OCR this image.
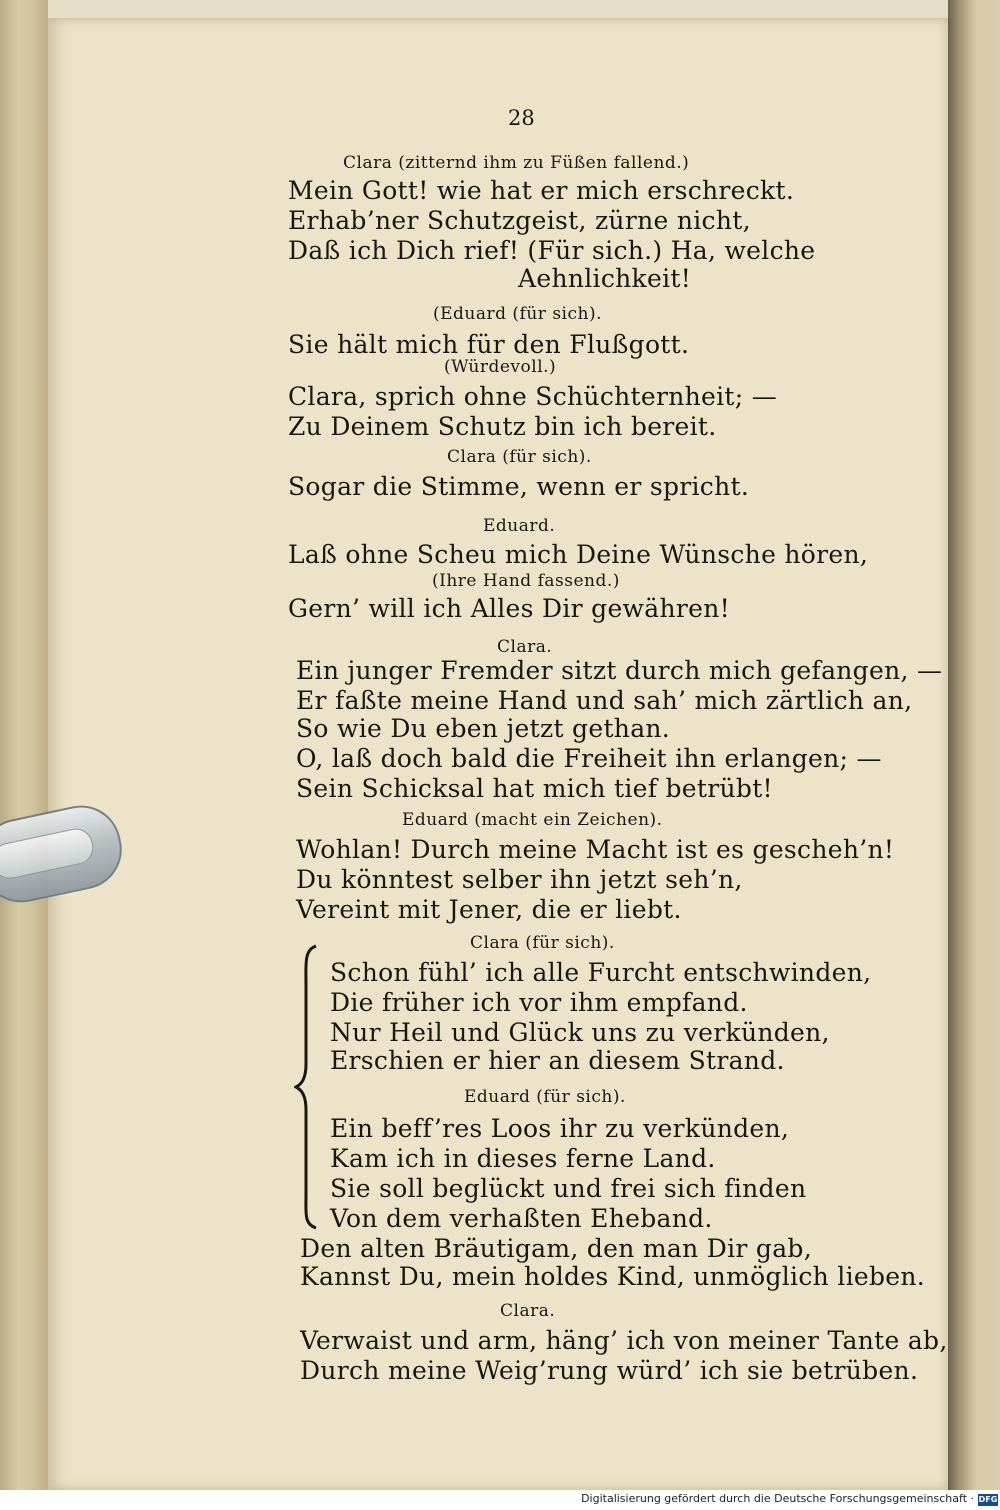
28
Clara (zitternd ihm zu Füßen fallend.)
Mein Gott! wie hat er mich erschreckt.
Erhab’ner Schutzgeist, zürne nicht,
Daß ich Dich rief! (Für sich.) Ha, welche
Aehnlichkeit!
(Eduard (für sich).
Sie hält mich für den Flußgott.
(Würdevoll.)
Clara, sprich ohne Schüchternheit; —
Zu Deinem Schutz bin ich bereit.
Clara (für sich).
Sogar die Stimme, wenn er spricht.
Eduard.
Laß ohne Scheu mich Deine Wünsche hören,
(Ihre Hand fassend.)
Gern’ will ich Alles Dir gewähren!
Clara.
Ein junger Fremder sitzt durch mich gefangen, —
Er faßte meine Hand und sah’ mich zärtlich an,
So wie Du eben jetzt gethan.
O, laß doch bald die Freiheit ihn erlangen; —
Sein Schicksal hat mich tief betrübt!
Eduard (macht ein Zeichen).
Wohlan! Durch meine Macht ist es gescheh’n!
Du könntest selber ihn jetzt seh’n,
Vereint mit Jener, die er liebt.
Clara (für sich).
Schon fühl’ ich alle Furcht entschwinden,
Die früher ich vor ihm empfand.
Nur Heil und Glück uns zu verkünden,
Erschien er hier an diesem Strand.
Eduard (für sich).
Ein beff’res Loos ihr zu verkünden,
Kam ich in dieses ferne Land.
Sie soll beglückt und frei sich finden
Von dem verhaßten Eheband.
Den alten Bräutigam, den man Dir gab,
Kannst Du, mein holdes Kind, unmöglich lieben.
Clara.
Verwaist und arm, häng’ ich von meiner Tante ab,
Durch meine Weig’rung würd’ ich sie betrüben.
Digitalisierung gefördert durch die Deutsche Forschungsgemeinschaft · DFG
